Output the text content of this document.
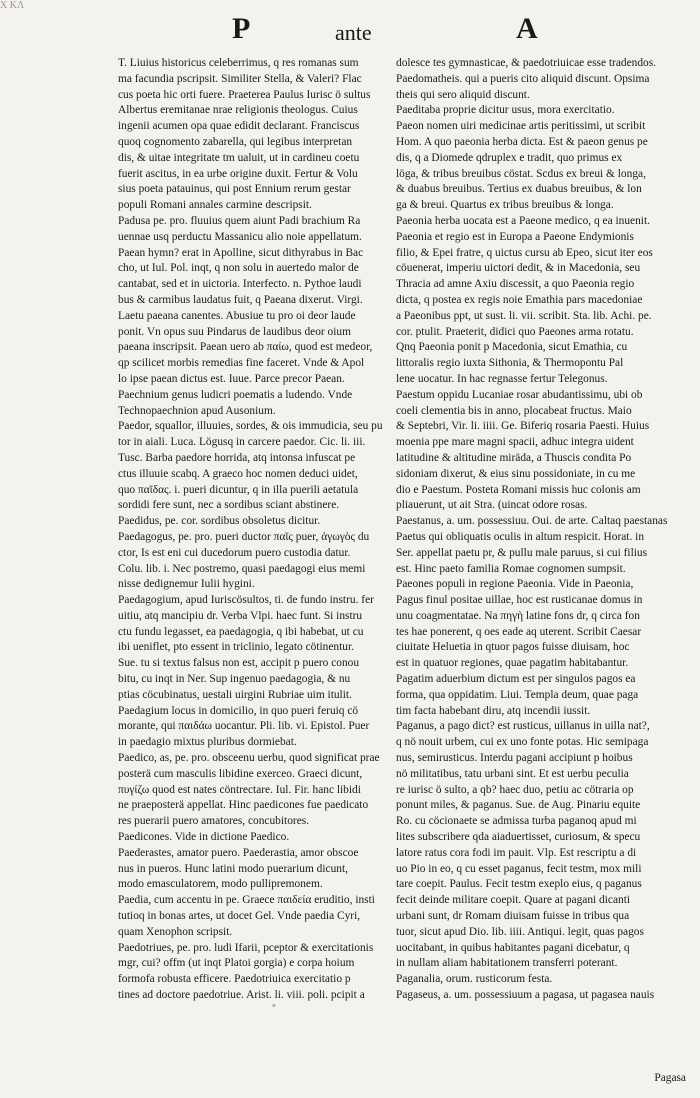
Χ ΚΛ
P	ante	A
T. Liuius historicus celeberrimus, q res romanas sum
ma facundia pscripsit. Similiter Stella, & Valeri? Flac
cus poeta hic orti fuere. Praeterea Paulus Iurisc ö sultus
Albertus eremitanae nrae religionis theologus. Cuius
ingenii acumen opa quae edidit declarant. Franciscus
quoq cognomento zabarella, qui legibus interpretan
dis, & uitae integritate tm ualuit, ut in cardineu coetu
fuerit ascitus, in ea urbe origine duxit. Fertur & Volu
sius poeta patauinus, qui post Ennium rerum gestar
populi Romani annales carmine descripsit.
Padusa pe. pro. fluuius quem aiunt Padi brachium Ra
uennae usq perductu Massanicu alio noie appellatum.
Paean hymn? erat in Apolline, sicut dithyrabus in Bac
cho, ut Iul. Pol. inqt, q non solu in auertedo malor de
cantabat, sed et in uictoria. Interfecto. n. Pythoe laudi
bus & carmibus laudatus fuit, q Paeana dixerut. Virgi.
Laetu paeana canentes. Abusiue tu pro oi deor laude
ponit. Vn opus suu Pindarus de laudibus deor oium
paeana inscripsit. Paean uero ab παίω, quod est medeor,
qp scilicet morbis remedias fine faceret. Vnde & Apol
lo ipse paean dictus est. Iuue. Parce precor Paean.
Paechnium genus ludicri poematis a ludendo. Vnde
Technopaechnion apud Ausonium.
Paedor, squallor, illuuies, sordes, & ois immudicia, seu pu
tor in aiali. Luca. Lögusq in carcere paedor. Cic. li. iii.
Tusc. Barba paedore horrida, atq intonsa infuscat pe
ctus illuuie scabq. A graeco hoc nomen deduci uidet,
quo παῖδας. i. pueri dicuntur, q in illa puerili aetatula
sordidi fere sunt, nec a sordibus sciant abstinere.
Paedidus, pe. cor. sordibus obsoletus dicitur.
Paedagogus, pe. pro. pueri ductor παῖς puer, ἀγωγὸς du
ctor, Is est eni cui ducedorum puero custodia datur.
Colu. lib. i. Nec postremo, quasi paedagogi eius memi
nisse dedignemur Iulii hygini.
Paedagogium, apud Iuriscösultos, ti. de fundo instru. fer
uitiu, atq mancipiu dr. Verba Vlpi. haec funt. Si instru
ctu fundu legasset, ea paedagogia, q ibi habebat, ut cu
ibi ueniflet, pto essent in triclinio, legato cötinentur.
Sue. tu si textus falsus non est, accipit p puero conou
bitu, cu inqt in Ner. Sup ingenuo paedagogia, & nu
ptias cöcubinatus, uestali uirgini Rubriae uim itulit.
Paedagium locus in domicilio, in quo pueri feruiq cö
morante, qui παιδάω uocantur. Pli. lib. vi. Epistol. Puer
in paedagio mixtus pluribus dormiebat.
Paedico, as, pe. pro. obsceenu uerbu, quod significat prae
posterä cum masculis libidine exerceo. Graeci dicunt,
πυγίζω quod est nates cöntrectare. Iul. Fir. hanc libidi
ne praeposterä appellat. Hinc paedicones fue paedicato
res puerarii puero amatores, concubitores.
Paedicones. Vide in dictione Paedico.
Paederastes, amator puero. Paederastia, amor obscoe
nus in pueros. Hunc latini modo puerarium dicunt,
modo emasculatorem, modo pullipremonem.
Paedia, cum accentu in pe. Graece παιδεία eruditio, insti
tutioq in bonas artes, ut docet Gel. Vnde paedia Cyri,
quam Xenophon scripsit.
Paedotriues, pe. pro. ludi Ifarii, pceptor & exercitationis
mgr, cui? offm (ut inqt Platoi gorgia) e corpa hoium
formofa robusta efficere. Paedotriuica exercitatio p
tines ad doctore paedotriue. Arist. li. viii. poli. pcipit a
dolesce tes gymnasticae, & paedotriuicae esse tradendos.
Paedomatheis. qui a pueris cito aliquid discunt. Opsima
theis qui sero aliquid discunt.
Paeditaba proprie dicitur usus, mora exercitatio.
Paeon nomen uiri medicinae artis peritissimi, ut scribit
Hom. A quo paeonia herba dicta. Est & paeon genus pe
dis, q a Diomede qdruplex e tradit, quo primus ex
löga, & tribus breuibus cöstat. Scdus ex breui & longa,
& duabus breuibus. Tertius ex duabus breuibus, & lon
ga & breui. Quartus ex tribus breuibus & longa.
Paeonia herba uocata est a Paeone medico, q ea inuenit.
Paeonia et regio est in Europa a Paeone Endymionis
filio, & Epei fratre, q uictus cursu ab Epeo, sicut iter eos
cöuenerat, imperiu uictori dedit, & in Macedonia, seu
Thracia ad amne Axiu discessit, a quo Paeonia regio
dicta, q postea ex regis noie Emathia pars macedoniae
a Paeonibus ppt, ut sust. li. vii. scribit. Sta. lib. Achi. pe.
cor. ptulit. Praeterit, didici quo Paeones arma rotatu.
Qnq Paeonia ponit p Macedonia, sicut Emathia, cu
littoralis regio iuxta Sithonia, & Thermopontu Pal
lene uocatur. In hac regnasse fertur Telegonus.
Paestum oppidu Lucaniae rosar abudantissimu, ubi ob
coeli clementia bis in anno, plocabeat fructus. Maio
& Septebri, Vir. li. iiii. Ge. Biferiq rosaria Paesti. Huius
moenia ppe mare magni spacii, adhuc integra uident
latitudine & altitudine miräda, a Thuscis condita Po
sidoniam dixerut, & eius sinu possidoniate, in cu me
dio e Paestum. Posteta Romani missis huc colonis am
pliauerunt, ut ait Stra. (uincat odore rosas.
Paestanus, a. um. possessiuu. Oui. de arte. Caltaq paestanas
Paetus qui obliquatis oculis in altum respicit. Horat. in
Ser. appellat paetu pr, & pullu male paruus, si cui filius
est. Hinc paeto familia Romae cognomen sumpsit.
Paeones populi in regione Paeonia. Vide in Paeonia,
Pagus finul positae uillae, hoc est rusticanae domus in
unu coagmentatae. Na πηγὴ latine fons dr, q circa fon
tes hae ponerent, q oes eade aq uterent. Scribit Caesar
ciuitate Heluetia in qtuor pagos fuisse diuisam, hoc
est in quatuor regiones, quae pagatim habitabantur.
Pagatim aduerbium dictum est per singulos pagos ea
forma, qua oppidatim. Liui. Templa deum, quae paga
tim facta habebant diru, atq incendii iussit.
Paganus, a pago dict? est rusticus, uillanus in uilla nat?,
q nö nouit urbem, cui ex uno fonte potas. Hic semipaga
nus, semirusticus. Interdu pagani accipiunt p hoibus
nö militatibus, tatu urbani sint. Et est uerbu peculia
re iurisc ö sulto, a qb? haec duo, petiu ac cötraria op
ponunt miles, & paganus. Sue. de Aug. Pinariu equite
Ro. cu cöcionaete se admissa turba paganoq apud mi
lites subscribere qda aiaduertisset, curiosum, & specu
latore ratus cora fodi im pauit. Vlp. Est rescriptu a di
uo Pio in eo, q cu esset paganus, fecit testm, mox mili
tare coepit. Paulus. Fecit testm exeplo eius, q paganus
fecit deinde militare coepit. Quare at pagani dicanti
urbani sunt, dr Romam diuisam fuisse in tribus qua
tuor, sicut apud Dio. lib. iiii. Antiqui. legit, quas pagos
uocitabant, in quibus habitantes pagani dicebatur, q
in nullam aliam habitationem transferri poterant.
Paganalia, orum. rusticorum festa.
Pagaseus, a. um. possessiuum a pagasa, ut pagasea nauis
◦
Pagasa
